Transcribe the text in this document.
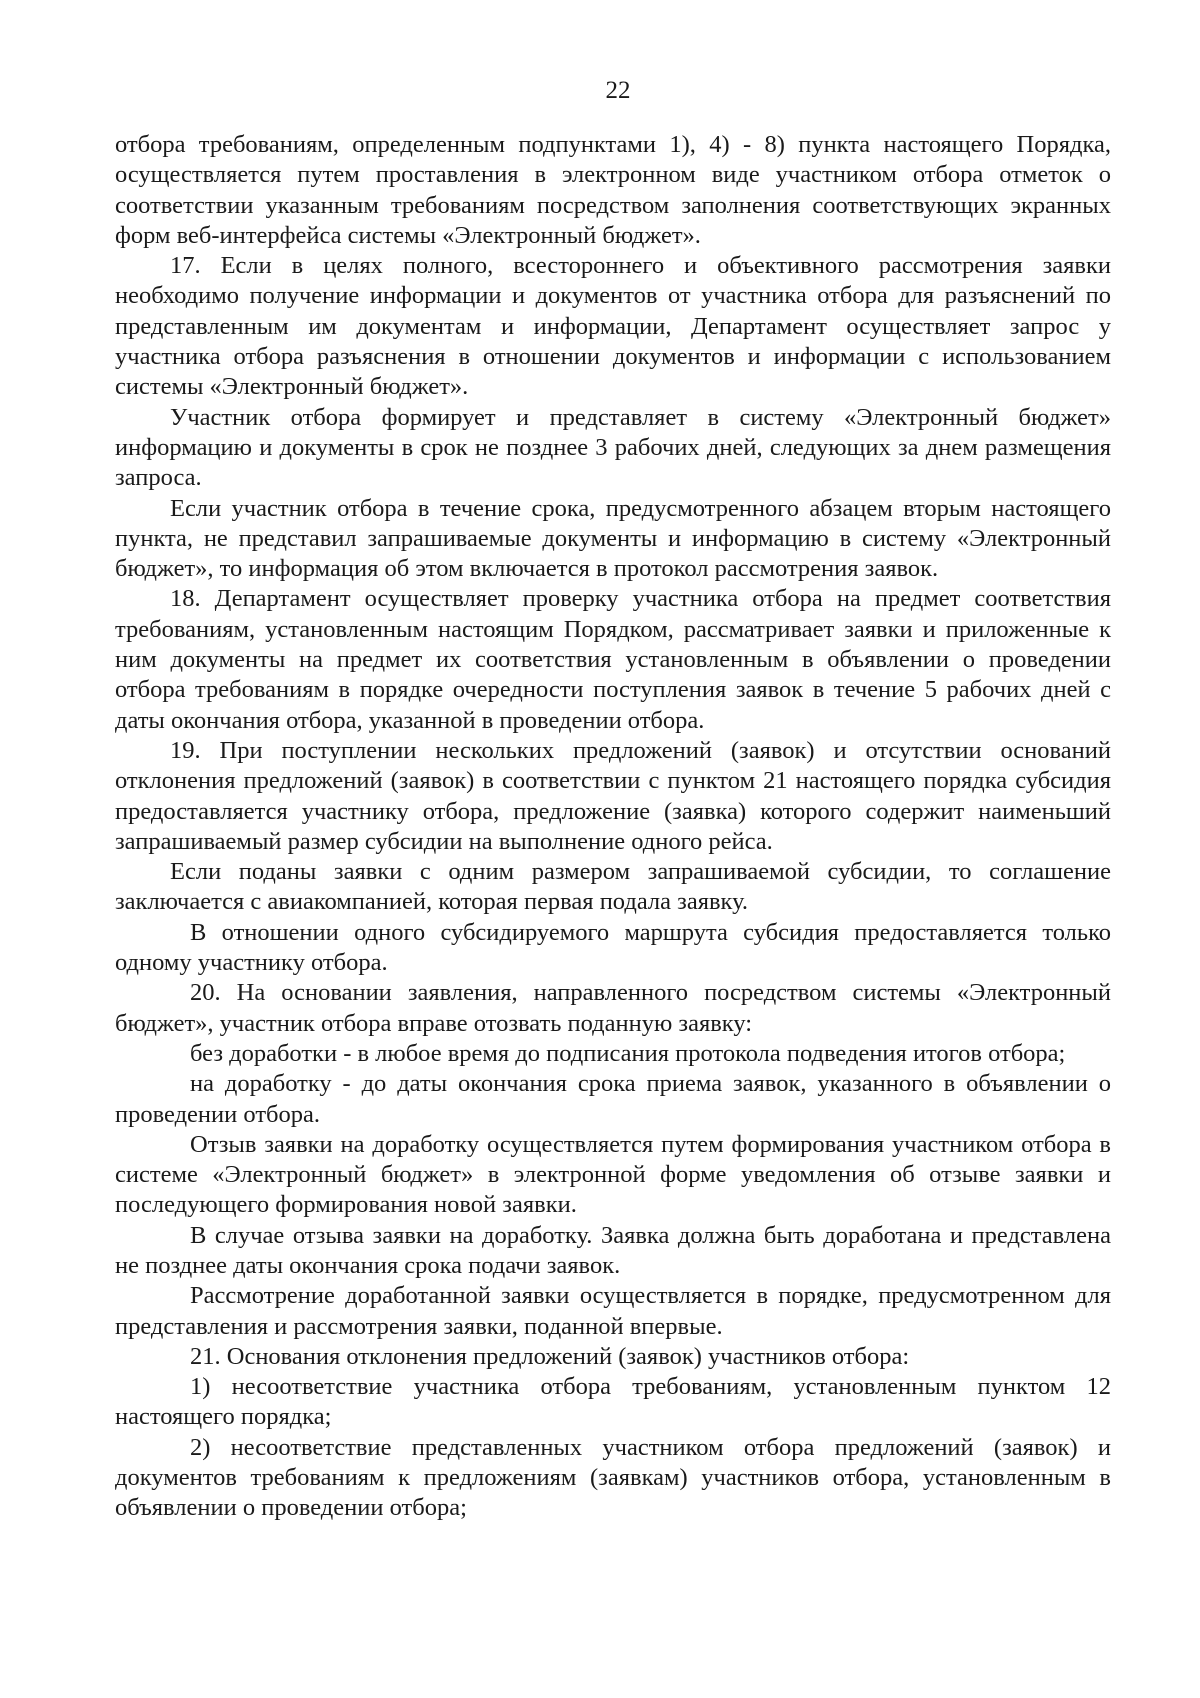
22

отбора требованиям, определенным подпунктами 1), 4) - 8) пункта настоящего Порядка, осуществляется путем проставления в электронном виде участником отбора отметок о соответствии указанным требованиям посредством заполнения соответствующих экранных форм веб-интерфейса системы «Электронный бюджет».

17. Если в целях полного, всестороннего и объективного рассмотрения заявки необходимо получение информации и документов от участника отбора для разъяснений по представленным им документам и информации, Департамент осуществляет запрос у участника отбора разъяснения в отношении документов и информации с использованием системы «Электронный бюджет».

Участник отбора формирует и представляет в систему «Электронный бюджет» информацию и документы в срок не позднее 3 рабочих дней, следующих за днем размещения запроса.

Если участник отбора в течение срока, предусмотренного абзацем вторым настоящего пункта, не представил запрашиваемые документы и информацию в систему «Электронный бюджет», то информация об этом включается в протокол рассмотрения заявок.

18. Департамент осуществляет проверку участника отбора на предмет соответствия требованиям, установленным настоящим Порядком, рассматривает заявки и приложенные к ним документы на предмет их соответствия установленным в объявлении о проведении отбора требованиям в порядке очередности поступления заявок в течение 5 рабочих дней с даты окончания отбора, указанной в проведении отбора.

19. При поступлении нескольких предложений (заявок) и отсутствии оснований отклонения предложений (заявок) в соответствии с пунктом 21 настоящего порядка субсидия предоставляется участнику отбора, предложение (заявка) которого содержит наименьший запрашиваемый размер субсидии на выполнение одного рейса.

Если поданы заявки с одним размером запрашиваемой субсидии, то соглашение заключается с авиакомпанией, которая первая подала заявку.

В отношении одного субсидируемого маршрута субсидия предоставляется только одному участнику отбора.

20. На основании заявления, направленного посредством системы «Электронный бюджет», участник отбора вправе отозвать поданную заявку:

без доработки - в любое время до подписания протокола подведения итогов отбора;

на доработку - до даты окончания срока приема заявок, указанного в объявлении о проведении отбора.

Отзыв заявки на доработку осуществляется путем формирования участником отбора в системе «Электронный бюджет» в электронной форме уведомления об отзыве заявки и последующего формирования новой заявки.

В случае отзыва заявки на доработку. Заявка должна быть доработана и представлена не позднее даты окончания срока подачи заявок.

Рассмотрение доработанной заявки осуществляется в порядке, предусмотренном для представления и рассмотрения заявки, поданной впервые.

21. Основания отклонения предложений (заявок) участников отбора:

1) несоответствие участника отбора требованиям, установленным пунктом 12 настоящего порядка;

2) несоответствие представленных участником отбора предложений (заявок) и документов требованиям к предложениям (заявкам) участников отбора, установленным в объявлении о проведении отбора;
